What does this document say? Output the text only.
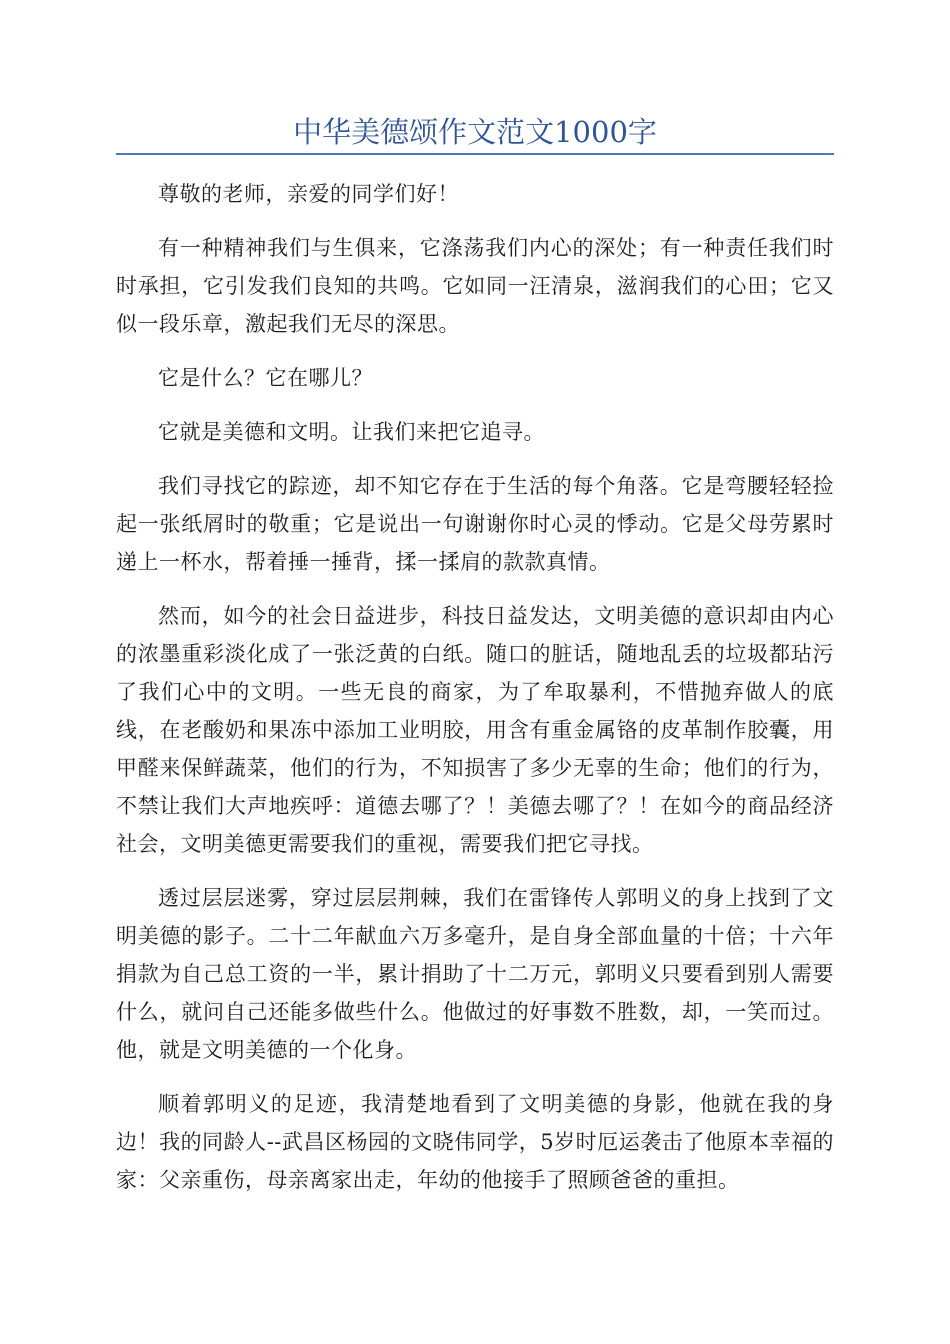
中华美德颂作文范文1000字

尊敬的老师，亲爱的同学们好！

有一种精神我们与生俱来，它涤荡我们内心的深处；有一种责任我们时时承担，它引发我们良知的共鸣。它如同一汪清泉，滋润我们的心田；它又似一段乐章，激起我们无尽的深思。

它是什么？它在哪儿？

它就是美德和文明。让我们来把它追寻。

我们寻找它的踪迹，却不知它存在于生活的每个角落。它是弯腰轻轻捡起一张纸屑时的敬重；它是说出一句谢谢你时心灵的悸动。它是父母劳累时递上一杯水，帮着捶一捶背，揉一揉肩的款款真情。

然而，如今的社会日益进步，科技日益发达，文明美德的意识却由内心的浓墨重彩淡化成了一张泛黄的白纸。随口的脏话，随地乱丢的垃圾都玷污了我们心中的文明。一些无良的商家，为了牟取暴利，不惜抛弃做人的底线，在老酸奶和果冻中添加工业明胶，用含有重金属铬的皮革制作胶囊，用甲醛来保鲜蔬菜，他们的行为，不知损害了多少无辜的生命；他们的行为，不禁让我们大声地疾呼：道德去哪了？！美德去哪了？！在如今的商品经济社会，文明美德更需要我们的重视，需要我们把它寻找。

透过层层迷雾，穿过层层荆棘，我们在雷锋传人郭明义的身上找到了文明美德的影子。二十二年献血六万多毫升，是自身全部血量的十倍；十六年捐款为自己总工资的一半，累计捐助了十二万元，郭明义只要看到别人需要什么，就问自己还能多做些什么。他做过的好事数不胜数，却，一笑而过。他，就是文明美德的一个化身。

顺着郭明义的足迹，我清楚地看到了文明美德的身影，他就在我的身边！我的同龄人--武昌区杨园的文晓伟同学，5岁时厄运袭击了他原本幸福的家：父亲重伤，母亲离家出走，年幼的他接手了照顾爸爸的重担。
